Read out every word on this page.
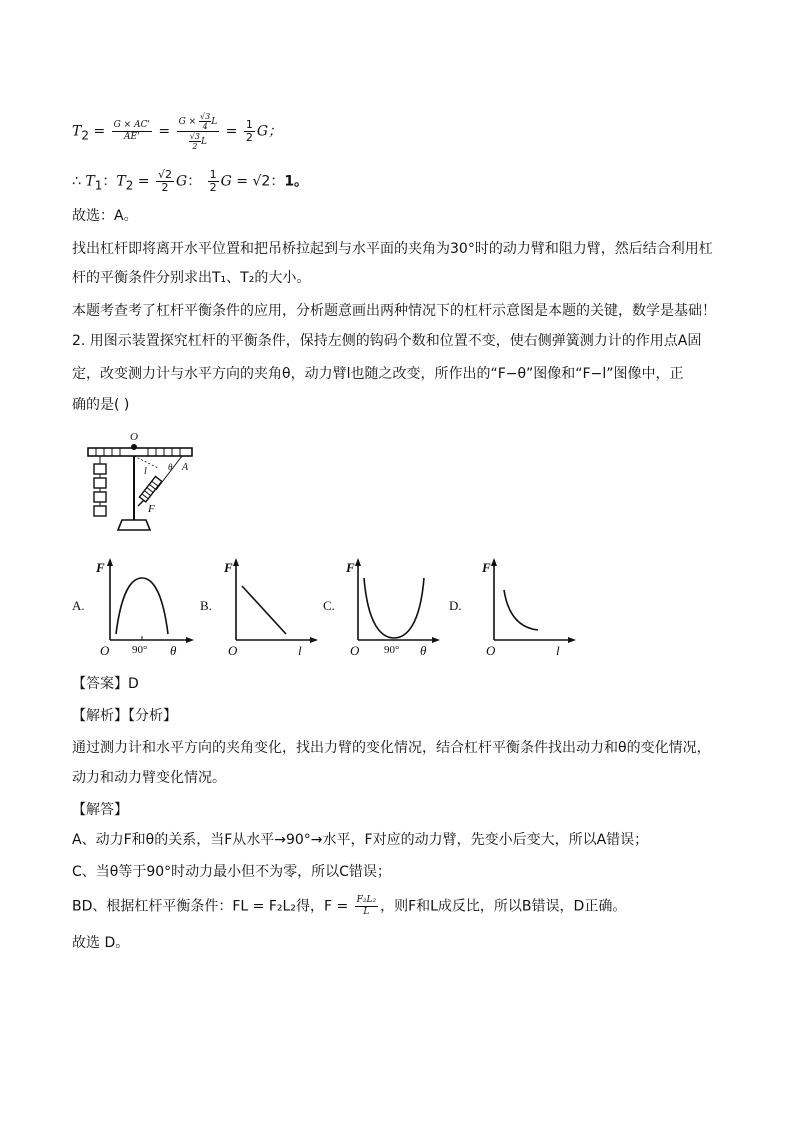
$T_2 = \frac{G \times AC'}{AE'} = \frac{G \times \frac{√3}{4} L}{\frac{√3}{2} L} = \frac{1}{2}$ G；
∴ $T_1$：$T_2 = \frac{√2}{2}$ G： $\frac{1}{2}$ G = √2：1。
故选：A。
找出杠杆即将离开水平位置和把吊桥拉起到与水平面的夹角为30°时的动力臂和阻力臂，然后结合利用杠
杆的平衡条件分别求出T₁、T₂的大小。
本题考查考了杠杆平衡条件的应用，分析题意画出两种情况下的杠杆示意图是本题的关键，数学是基础！
2. 用图示装置探究杠杆的平衡条件，保持左侧的钩码个数和位置不变，使右侧弹簧测力计的作用点A固
定，改变测力计与水平方向的夹角θ，动力臂l也随之改变，所作出的“F−θ”图像和“F−l”图像中，正
确的是( )
O
l θ A
F
A.	B.	C.	D.
F
O 90° θ
F
O	l
F
O 90° θ
F
O	l
【答案】D
【解析】【分析】
通过测力计和水平方向的夹角变化，找出力臂的变化情况，结合杠杆平衡条件找出动力和θ的变化情况，
动力和动力臂变化情况。
【解答】
A、动力F和θ的关系，当F从水平→90°→水平，F对应的动力臂，先变小后变大，所以A错误；
C、当θ等于90°时动力最小但不为零，所以C错误；
BD、根据杠杆平衡条件：FL = F₂L₂得，$F = \frac{\text{F₂L₂}}{L}$ ，则F和L成反比，所以B错误，D正确。
故选 D。
